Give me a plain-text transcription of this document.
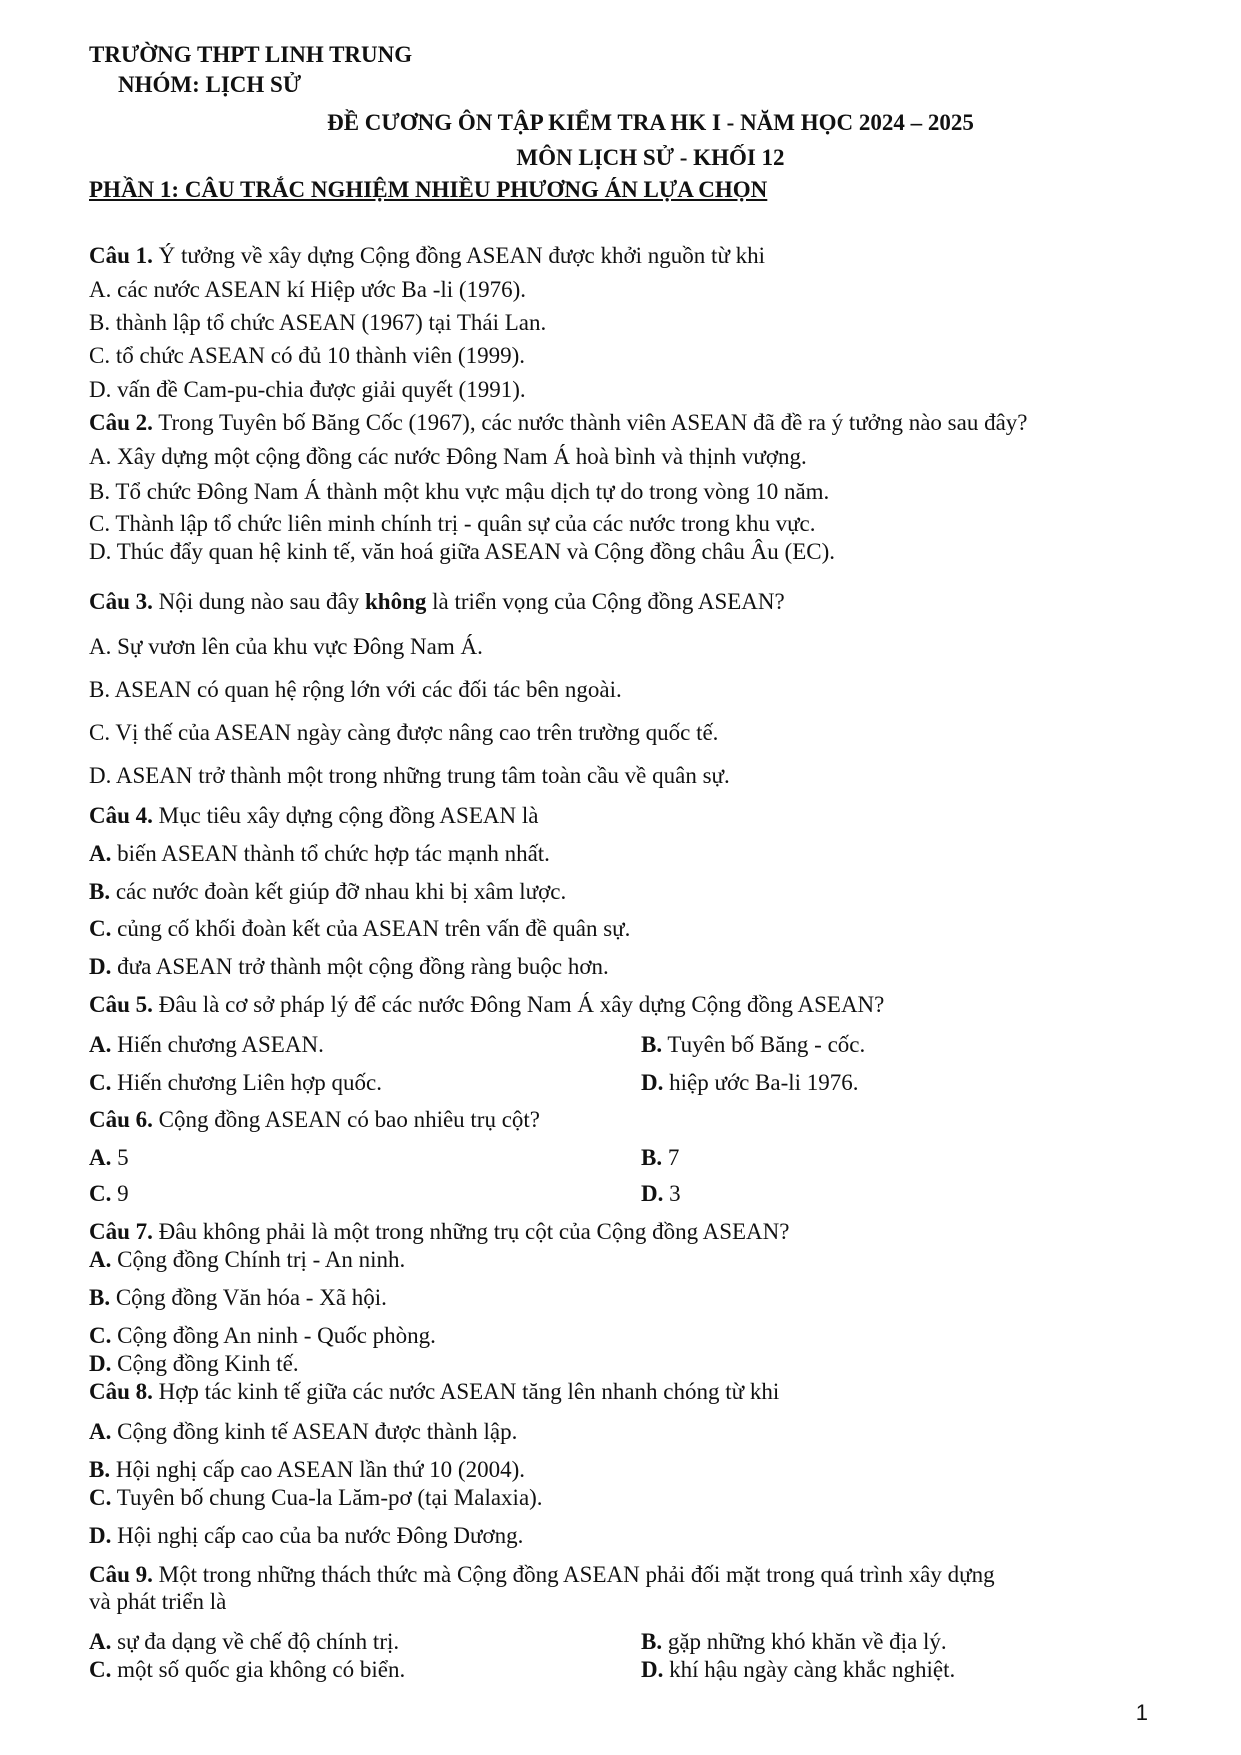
TRƯỜNG THPT LINH TRUNG
NHÓM: LỊCH SỬ
ĐỀ CƯƠNG ÔN TẬP KIỂM TRA HK I - NĂM HỌC 2024 – 2025
MÔN LỊCH SỬ - KHỐI 12
PHẦN 1: CÂU TRẮC NGHIỆM NHIỀU PHƯƠNG ÁN LỰA CHỌN
Câu 1. Ý tưởng về xây dựng Cộng đồng ASEAN được khởi nguồn từ khi
A. các nước ASEAN kí Hiệp ước Ba -li (1976).
B. thành lập tổ chức ASEAN (1967) tại Thái Lan.
C. tổ chức ASEAN có đủ 10 thành viên (1999).
D. vấn đề Cam-pu-chia được giải quyết (1991).
Câu 2. Trong Tuyên bố Băng Cốc (1967), các nước thành viên ASEAN đã đề ra ý tưởng nào sau đây?
A. Xây dựng một cộng đồng các nước Đông Nam Á hoà bình và thịnh vượng.
B. Tổ chức Đông Nam Á thành một khu vực mậu dịch tự do trong vòng 10 năm.
C. Thành lập tổ chức liên minh chính trị - quân sự của các nước trong khu vực.
D. Thúc đẩy quan hệ kinh tế, văn hoá giữa ASEAN và Cộng đồng châu Âu (EC).
Câu 3. Nội dung nào sau đây không là triển vọng của Cộng đồng ASEAN?
A. Sự vươn lên của khu vực Đông Nam Á.
B. ASEAN có quan hệ rộng lớn với các đối tác bên ngoài.
C. Vị thế của ASEAN ngày càng được nâng cao trên trường quốc tế.
D. ASEAN trở thành một trong những trung tâm toàn cầu về quân sự.
Câu 4. Mục tiêu xây dựng cộng đồng ASEAN là
A. biến ASEAN thành tổ chức hợp tác mạnh nhất.
B. các nước đoàn kết giúp đỡ nhau khi bị xâm lược.
C. củng cố khối đoàn kết của ASEAN trên vấn đề quân sự.
D. đưa ASEAN trở thành một cộng đồng ràng buộc hơn.
Câu 5. Đâu là cơ sở pháp lý để các nước Đông Nam Á xây dựng Cộng đồng ASEAN?
A. Hiến chương ASEAN.	B. Tuyên bố Băng - cốc.
C. Hiến chương Liên hợp quốc.	D. hiệp ước Ba-li 1976.
Câu 6. Cộng đồng ASEAN có bao nhiêu trụ cột?
A. 5	B. 7
C. 9	D. 3
Câu 7. Đâu không phải là một trong những trụ cột của Cộng đồng ASEAN?
A. Cộng đồng Chính trị - An ninh.
B. Cộng đồng Văn hóa - Xã hội.
C. Cộng đồng An ninh - Quốc phòng.
D. Cộng đồng Kinh tế.
Câu 8. Hợp tác kinh tế giữa các nước ASEAN tăng lên nhanh chóng từ khi
A. Cộng đồng kinh tế ASEAN được thành lập.
B. Hội nghị cấp cao ASEAN lần thứ 10 (2004).
C. Tuyên bố chung Cua-la Lăm-pơ (tại Malaxia).
D. Hội nghị cấp cao của ba nước Đông Dương.
Câu 9. Một trong những thách thức mà Cộng đồng ASEAN phải đối mặt trong quá trình xây dựng
và phát triển là
A. sự đa dạng về chế độ chính trị.	B. gặp những khó khăn về địa lý.
C. một số quốc gia không có biển.	D. khí hậu ngày càng khắc nghiệt.
1
